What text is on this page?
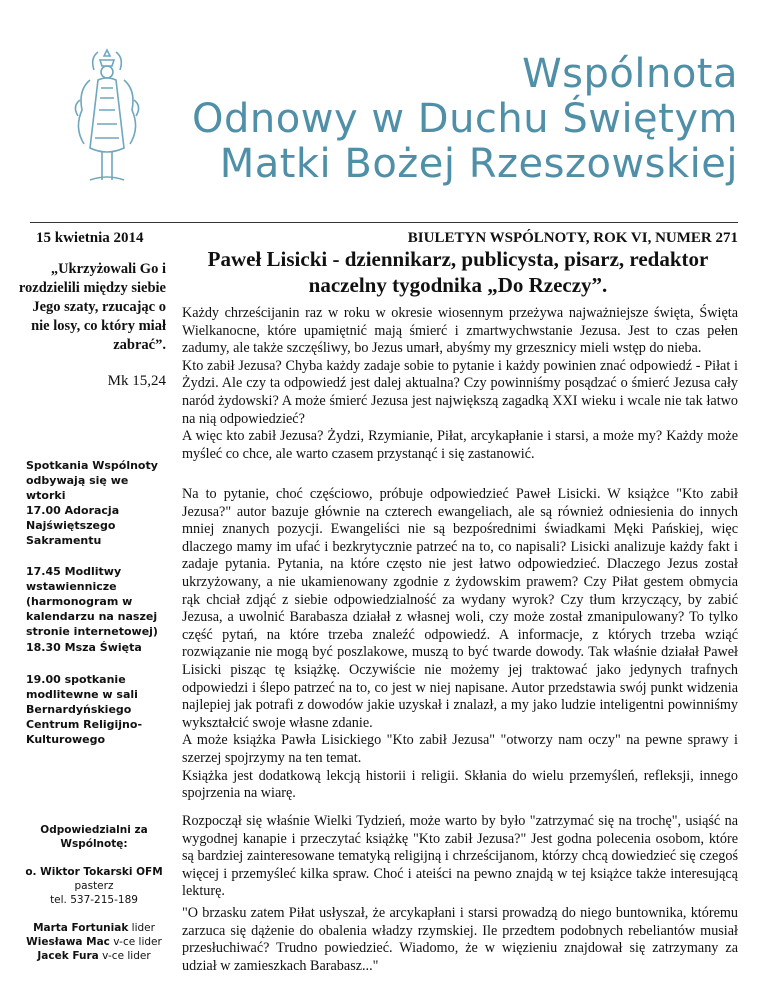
Wspólnota
Odnowy w Duchu Świętym
Matki Bożej Rzeszowskiej
15 kwietnia 2014	BIULETYN WSPÓLNOTY, ROK VI, NUMER 271
„Ukrzyżowali Go i rozdzielili między siebie Jego szaty, rzucając o nie losy, co który miał zabrać”.
Mk 15,24
Spotkania Wspólnoty odbywają się we wtorki
17.00 Adoracja Najświętszego Sakramentu
17.45 Modlitwy wstawiennicze (harmonogram w kalendarzu na naszej stronie internetowej)
18.30 Msza Święta
19.00 spotkanie modlitewne w sali Bernardyńskiego Centrum Religijno-Kulturowego
Odpowiedzialni za Wspólnotę:
o. Wiktor Tokarski OFM
pasterz
tel. 537-215-189
Marta Fortuniak lider
Wiesława Mac v-ce lider
Jacek Fura v-ce lider
Paweł Lisicki - dziennikarz, publicysta, pisarz, redaktor
naczelny tygodnika „Do Rzeczy”.

Każdy chrześcijanin raz w roku w okresie wiosennym przeżywa najważniejsze święta, Święta Wielkanocne, które upamiętnić mają śmierć i zmartwychwstanie Jezusa. Jest to czas pełen zadumy, ale także szczęśliwy, bo Jezus umarł, abyśmy my grzesznicy mieli wstęp do nieba.

Kto zabił Jezusa? Chyba każdy zadaje sobie to pytanie i każdy powinien znać odpowiedź - Piłat i Żydzi. Ale czy ta odpowiedź jest dalej aktualna? Czy powinniśmy posądzać o śmierć Jezusa cały naród żydowski? A może śmierć Jezusa jest największą zagadką XXI wieku i wcale nie tak łatwo na nią odpowiedzieć?

A więc kto zabił Jezusa? Żydzi, Rzymianie, Piłat, arcykapłanie i starsi, a może my? Każdy może myśleć co chce, ale warto czasem przystanąć i się zastanowić.

Na to pytanie, choć częściowo, próbuje odpowiedzieć Paweł Lisicki. W książce "Kto zabił Jezusa?" autor bazuje głównie na czterech ewangeliach, ale są również odniesienia do innych mniej znanych pozycji. Ewangeliści nie są bezpośrednimi świadkami Męki Pańskiej, więc dlaczego mamy im ufać i bezkrytycznie patrzeć na to, co napisali? Lisicki analizuje każdy fakt i zadaje pytania. Pytania, na które często nie jest łatwo odpowiedzieć. Dlaczego Jezus został ukrzyżowany, a nie ukamienowany zgodnie z żydowskim prawem? Czy Piłat gestem obmycia rąk chciał zdjąć z siebie odpowiedzialność za wydany wyrok? Czy tłum krzyczący, by zabić Jezusa, a uwolnić Barabasza działał z własnej woli, czy może został zmanipulowany? To tylko część pytań, na które trzeba znaleźć odpowiedź. A informacje, z których trzeba wziąć rozwiązanie nie mogą być poszlakowe, muszą to być twarde dowody. Tak właśnie działał Paweł Lisicki pisząc tę książkę. Oczywiście nie możemy jej traktować jako jedynych trafnych odpowiedzi i ślepo patrzeć na to, co jest w niej napisane. Autor przedstawia swój punkt widzenia najlepiej jak potrafi z dowodów jakie uzyskał i znalazł, a my jako ludzie inteligentni powinniśmy wykształcić swoje własne zdanie.

A może książka Pawła Lisickiego "Kto zabił Jezusa" "otworzy nam oczy" na pewne sprawy i szerzej spojrzymy na ten temat.

Książka jest dodatkową lekcją historii i religii. Skłania do wielu przemyśleń, refleksji, innego spojrzenia na wiarę.

Rozpoczął się właśnie Wielki Tydzień, może warto by było "zatrzymać się na trochę", usiąść na wygodnej kanapie i przeczytać książkę "Kto zabił Jezusa?" Jest godna polecenia osobom, które są bardziej zainteresowane tematyką religijną i chrześcijanom, którzy chcą dowiedzieć się czegoś więcej i przemyśleć kilka spraw. Choć i ateiści na pewno znajdą w tej książce także interesującą lekturę.

"O brzasku zatem Piłat usłyszał, że arcykapłani i starsi prowadzą do niego buntownika, któremu zarzuca się dążenie do obalenia władzy rzymskiej. Ile przedtem podobnych rebeliantów musiał przesłuchiwać? Trudno powiedzieć. Wiadomo, że w więzieniu znajdował się zatrzymany za udział w zamieszkach Barabasz..."
